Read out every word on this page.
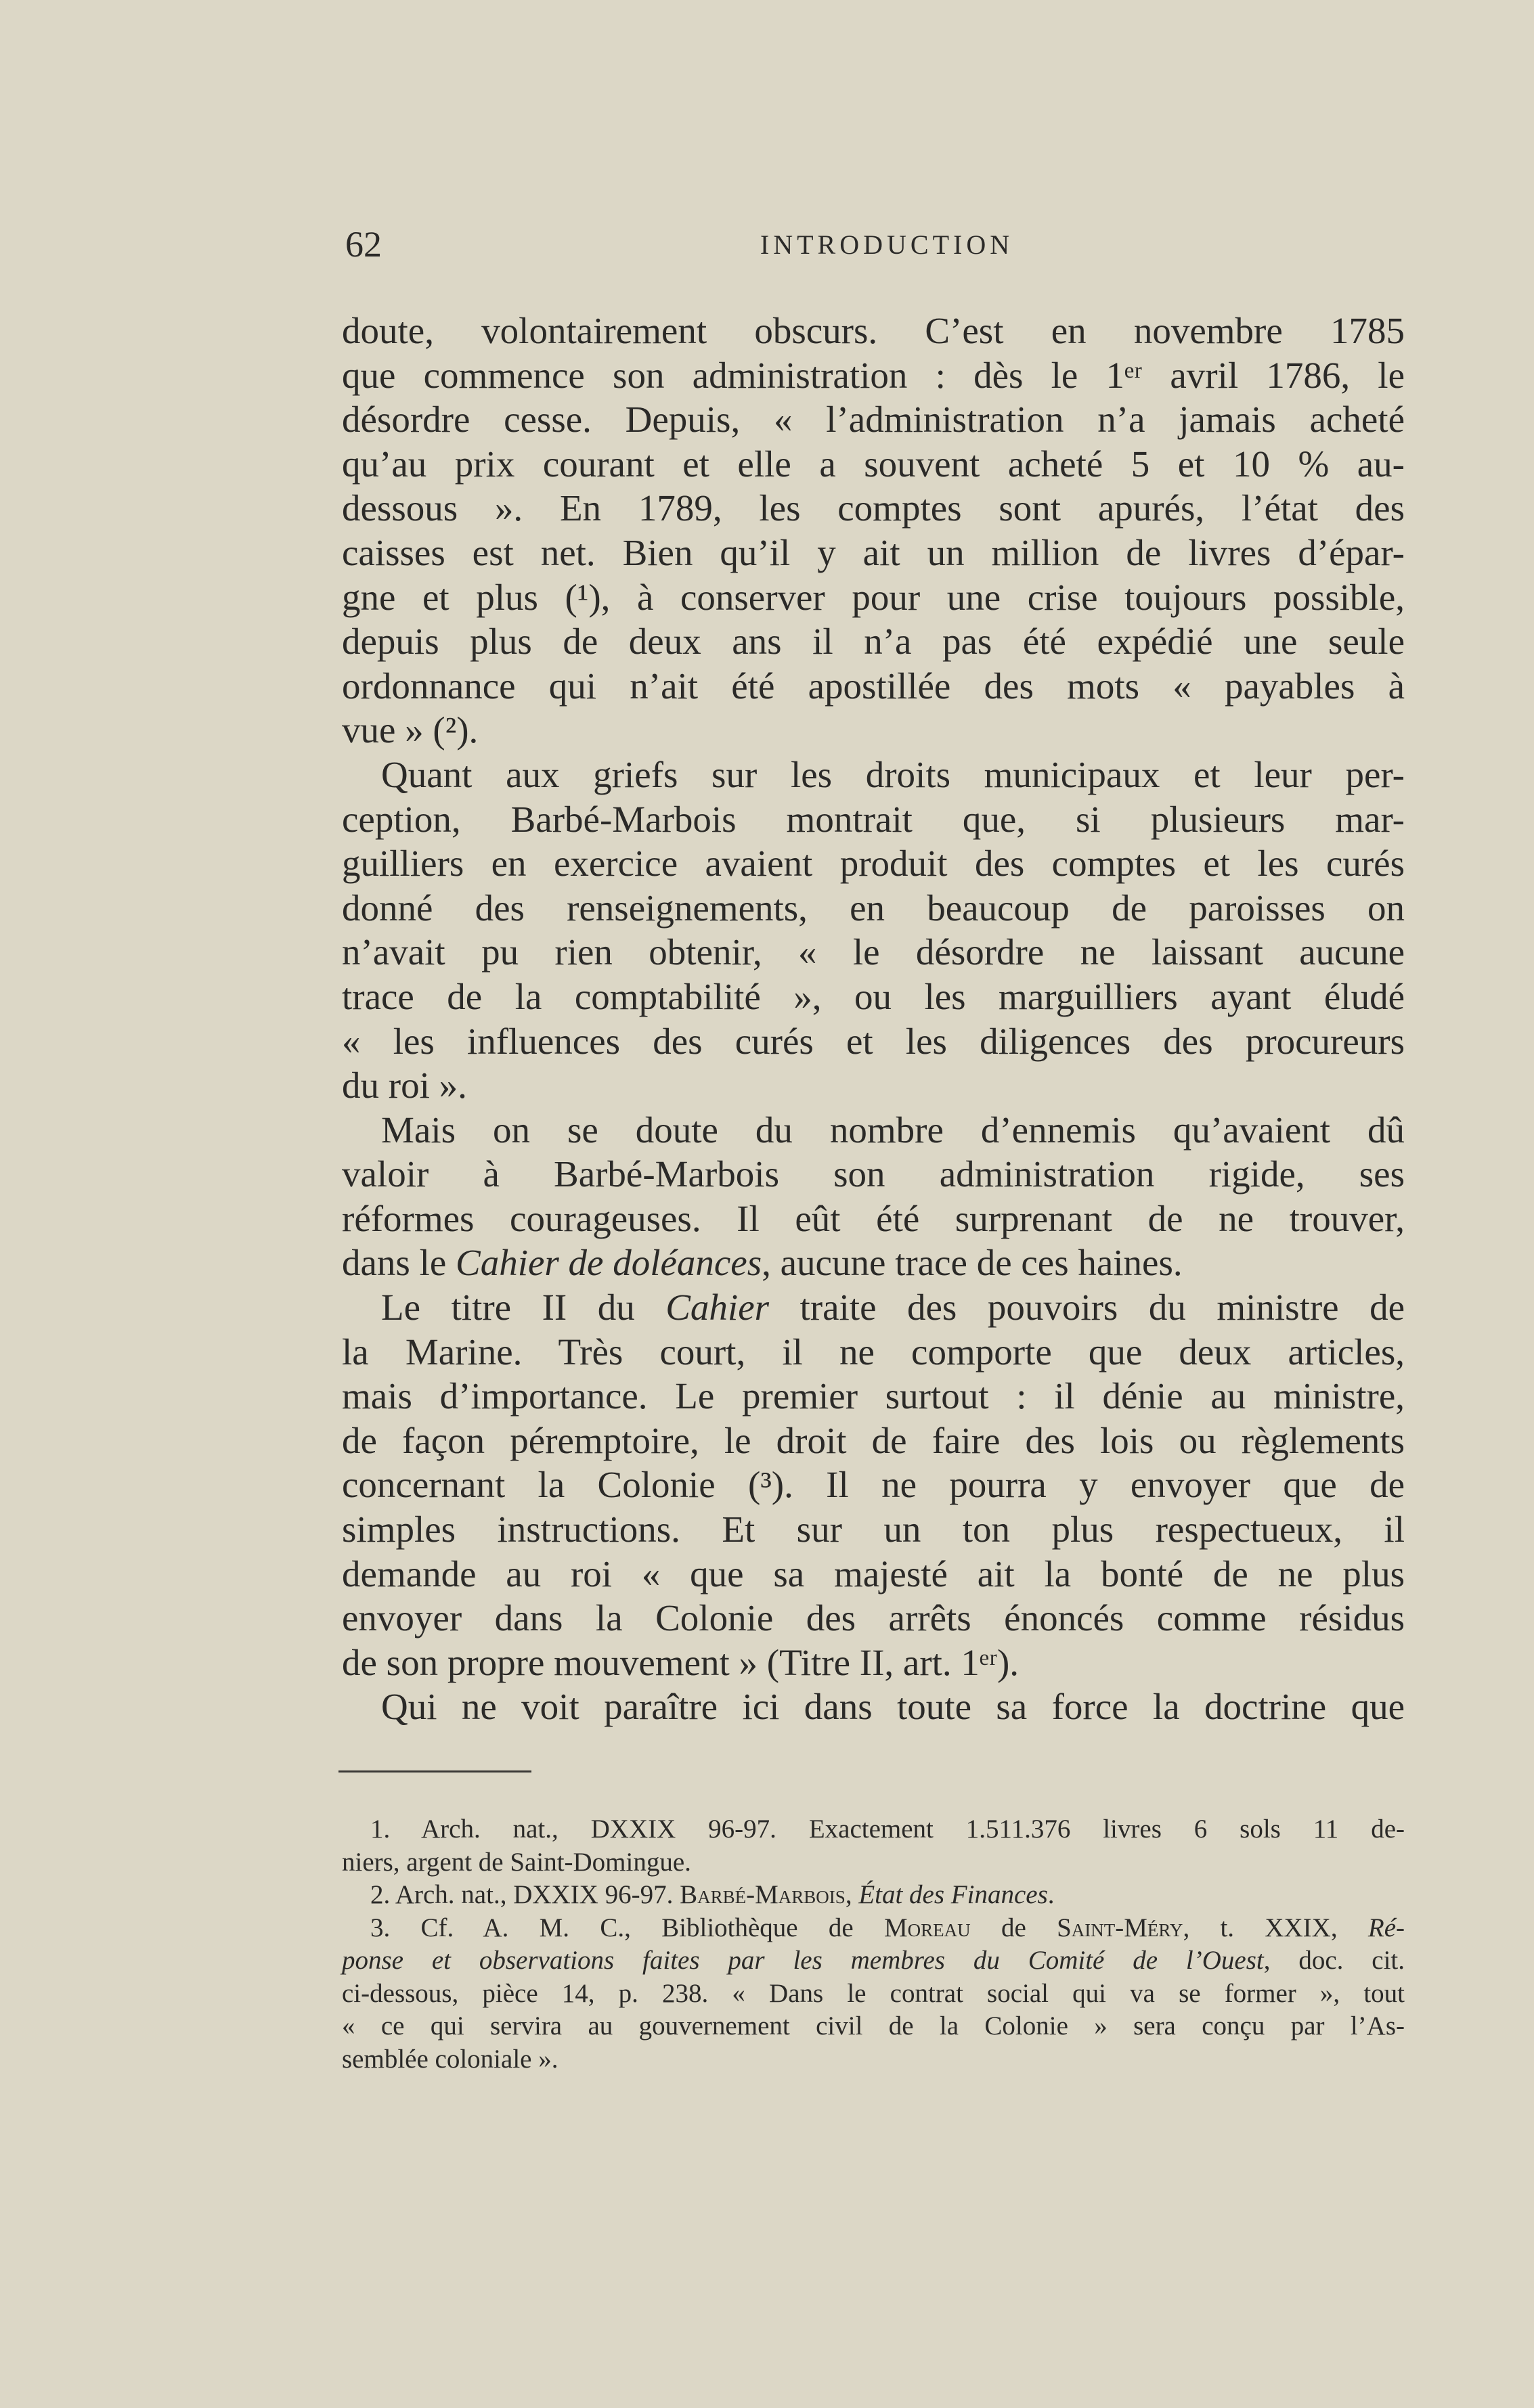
62	INTRODUCTION
doute, volontairement obscurs. C’est en novembre 1785
que commence son administration : dès le 1ᵉʳ avril 1786, le
désordre cesse. Depuis, « l’administration n’a jamais acheté
qu’au prix courant et elle a souvent acheté 5 et 10 % au-
dessous ». En 1789, les comptes sont apurés, l’état des
caisses est net. Bien qu’il y ait un million de livres d’épar-
gne et plus (¹), à conserver pour une crise toujours possible,
depuis plus de deux ans il n’a pas été expédié une seule
ordonnance qui n’ait été apostillée des mots « payables à
vue » (²).
Quant aux griefs sur les droits municipaux et leur per-
ception, Barbé-Marbois montrait que, si plusieurs mar-
guilliers en exercice avaient produit des comptes et les curés
donné des renseignements, en beaucoup de paroisses on
n’avait pu rien obtenir, « le désordre ne laissant aucune
trace de la comptabilité », ou les marguilliers ayant éludé
« les influences des curés et les diligences des procureurs
du roi ».
Mais on se doute du nombre d’ennemis qu’avaient dû
valoir à Barbé-Marbois son administration rigide, ses
réformes courageuses. Il eût été surprenant de ne trouver,
dans le Cahier de doléances, aucune trace de ces haines.
Le titre II du Cahier traite des pouvoirs du ministre de
la Marine. Très court, il ne comporte que deux articles,
mais d’importance. Le premier surtout : il dénie au ministre,
de façon péremptoire, le droit de faire des lois ou règlements
concernant la Colonie (³). Il ne pourra y envoyer que de
simples instructions. Et sur un ton plus respectueux, il
demande au roi « que sa majesté ait la bonté de ne plus
envoyer dans la Colonie des arrêts énoncés comme résidus
de son propre mouvement » (Titre II, art. 1ᵉʳ).
Qui ne voit paraître ici dans toute sa force la doctrine que
1. Arch. nat., DXXIX 96-97. Exactement 1.511.376 livres 6 sols 11 de-
niers, argent de Saint-Domingue.
2. Arch. nat., DXXIX 96-97. Barbé-Marbois, État des Finances.
3. Cf. A. M. C., Bibliothèque de Moreau de Saint-Méry, t. XXIX, Ré-
ponse et observations faites par les membres du Comité de l’Ouest, doc. cit.
ci-dessous, pièce 14, p. 238. « Dans le contrat social qui va se former », tout
« ce qui servira au gouvernement civil de la Colonie » sera conçu par l’As-
semblée coloniale ».
